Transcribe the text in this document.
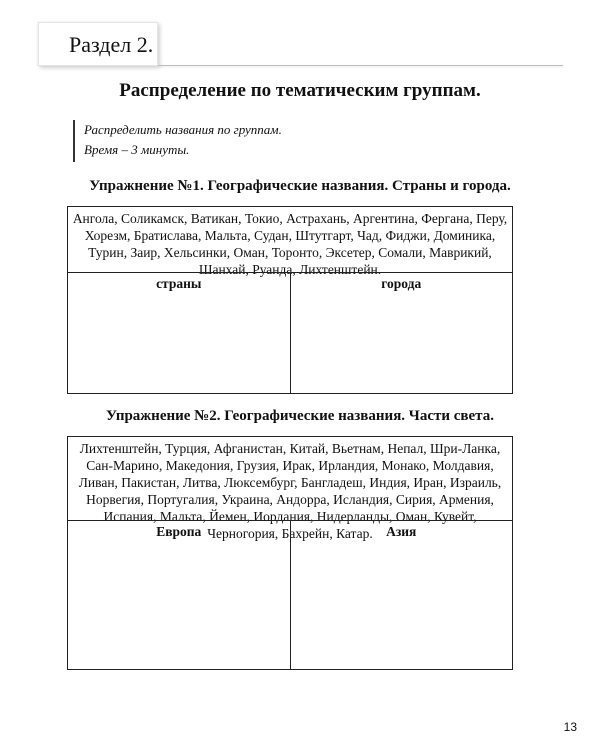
Раздел 2.
Распределение по тематическим группам.
Распределить названия по группам.
Время – 3 минуты.
Упражнение №1. Географические названия. Страны и города.
Ангола, Соликамск, Ватикан, Токио, Астрахань, Аргентина, Фергана, Перу, Хорезм, Братислава, Мальта, Судан, Штутгарт, Чад, Фиджи, Доминика, Турин, Заир, Хельсинки, Оман, Торонто, Эксетер, Сомали, Маврикий, Шанхай, Руанда, Лихтенштейн.
страны	города
Упражнение №2. Географические названия. Части света.
Лихтенштейн, Турция, Афганистан, Китай, Вьетнам, Непал, Шри-Ланка, Сан-Марино, Македония, Грузия, Ирак, Ирландия, Монако, Молдавия, Ливан, Пакистан, Литва, Люксембург, Бангладеш, Индия, Иран, Израиль, Норвегия, Португалия, Украина, Андорра, Исландия, Сирия, Армения, Испания, Мальта, Йемен, Иордания, Нидерланды, Оман, Кувейт, Черногория, Бахрейн, Катар.
Европа	Азия
13
